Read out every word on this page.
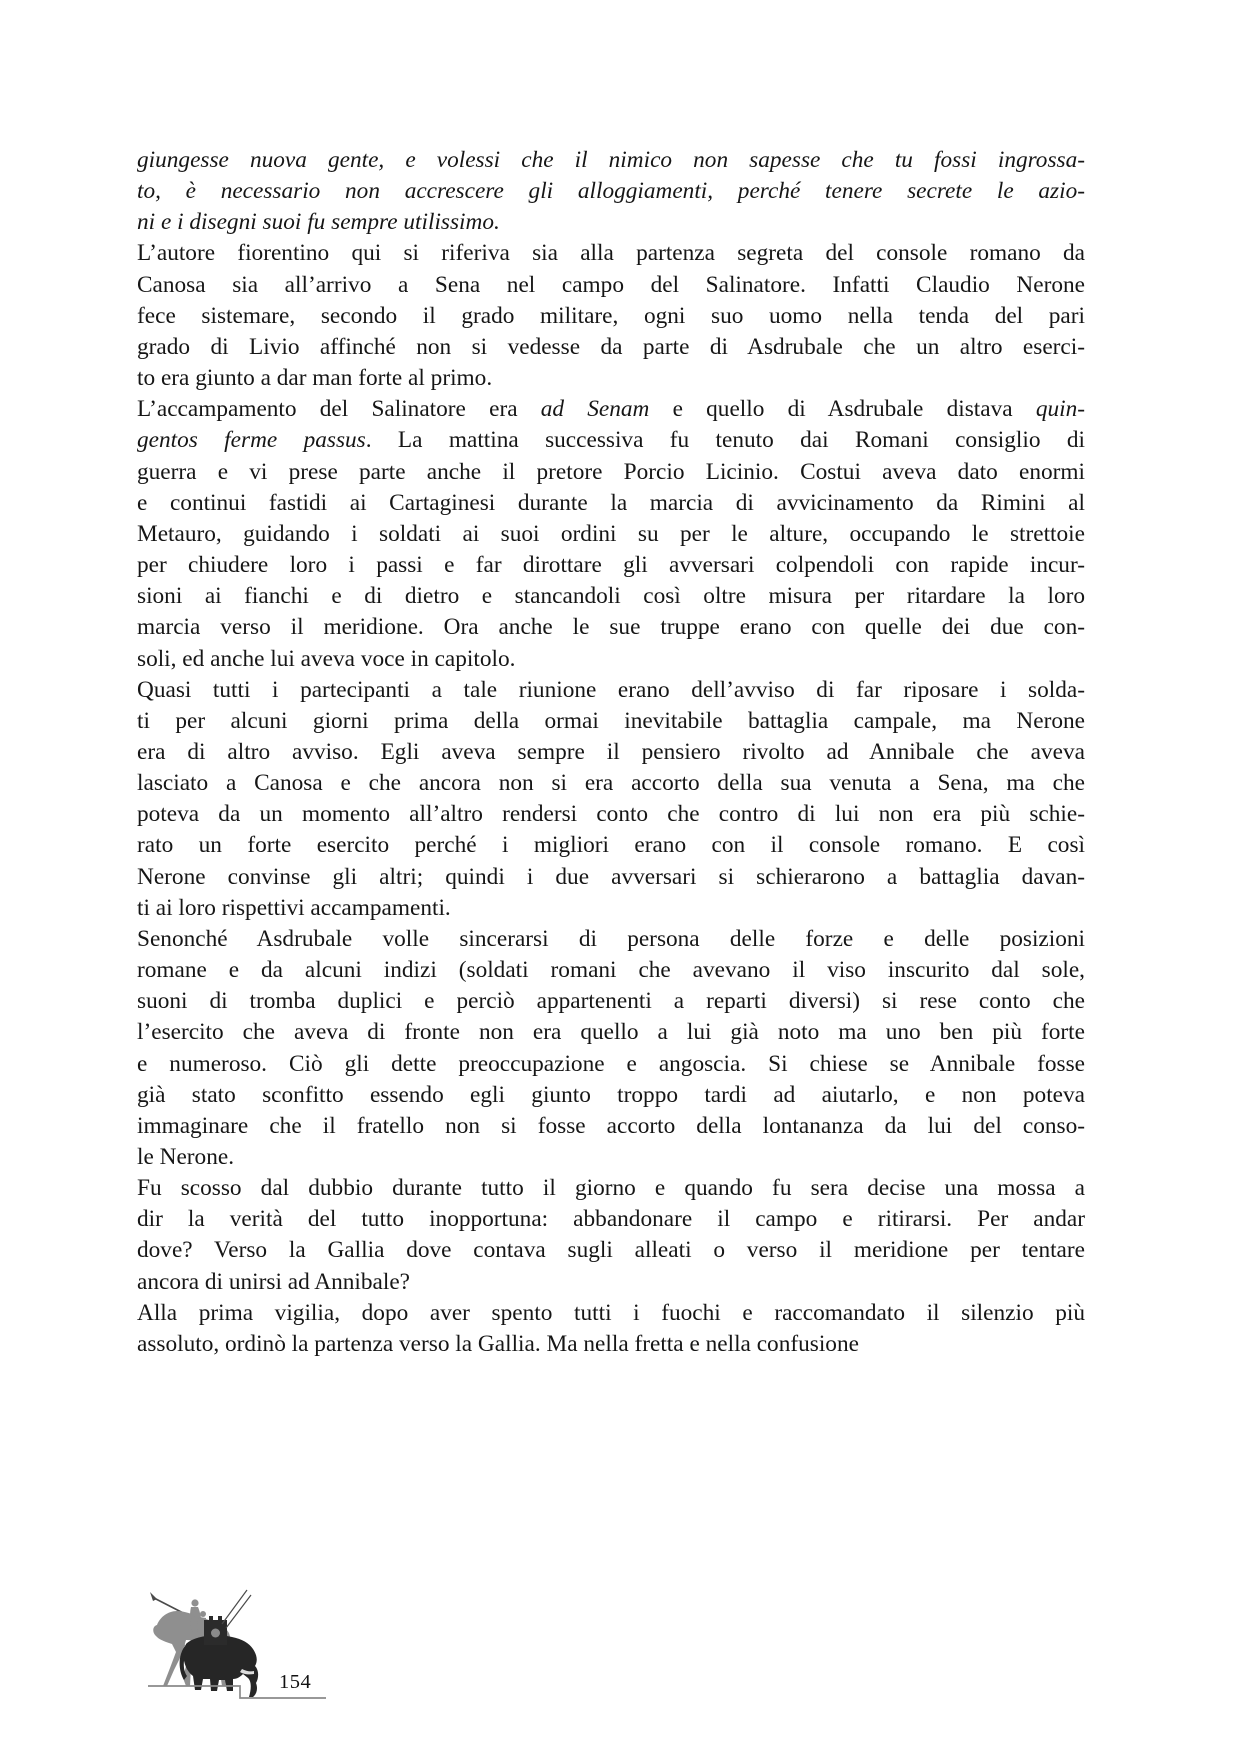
giungesse nuova gente, e volessi che il nimico non sapesse che tu fossi ingrossa-
to, è necessario non accrescere gli alloggiamenti, perché tenere secrete le azio-
ni e i disegni suoi fu sempre utilissimo.
L’autore fiorentino qui si riferiva sia alla partenza segreta del console romano da
Canosa sia all’arrivo a Sena nel campo del Salinatore. Infatti Claudio Nerone
fece sistemare, secondo il grado militare, ogni suo uomo nella tenda del pari
grado di Livio affinché non si vedesse da parte di Asdrubale che un altro eserci-
to era giunto a dar man forte al primo.
L’accampamento del Salinatore era ad Senam e quello di Asdrubale distava quin-
gentos ferme passus. La mattina successiva fu tenuto dai Romani consiglio di
guerra e vi prese parte anche il pretore Porcio Licinio. Costui aveva dato enormi
e continui fastidi ai Cartaginesi durante la marcia di avvicinamento da Rimini al
Metauro, guidando i soldati ai suoi ordini su per le alture, occupando le strettoie
per chiudere loro i passi e far dirottare gli avversari colpendoli con rapide incur-
sioni ai fianchi e di dietro e stancandoli così oltre misura per ritardare la loro
marcia verso il meridione. Ora anche le sue truppe erano con quelle dei due con-
soli, ed anche lui aveva voce in capitolo.
Quasi tutti i partecipanti a tale riunione erano dell’avviso di far riposare i solda-
ti per alcuni giorni prima della ormai inevitabile battaglia campale, ma Nerone
era di altro avviso. Egli aveva sempre il pensiero rivolto ad Annibale che aveva
lasciato a Canosa e che ancora non si era accorto della sua venuta a Sena, ma che
poteva da un momento all’altro rendersi conto che contro di lui non era più schie-
rato un forte esercito perché i migliori erano con il console romano. E così
Nerone convinse gli altri; quindi i due avversari si schierarono a battaglia davan-
ti ai loro rispettivi accampamenti.
Senonché Asdrubale volle sincerarsi di persona delle forze e delle posizioni
romane e da alcuni indizi (soldati romani che avevano il viso inscurito dal sole,
suoni di tromba duplici e perciò appartenenti a reparti diversi) si rese conto che
l’esercito che aveva di fronte non era quello a lui già noto ma uno ben più forte
e numeroso. Ciò gli dette preoccupazione e angoscia. Si chiese se Annibale fosse
già stato sconfitto essendo egli giunto troppo tardi ad aiutarlo, e non poteva
immaginare che il fratello non si fosse accorto della lontananza da lui del conso-
le Nerone.
Fu scosso dal dubbio durante tutto il giorno e quando fu sera decise una mossa a
dir la verità del tutto inopportuna: abbandonare il campo e ritirarsi. Per andar
dove? Verso la Gallia dove contava sugli alleati o verso il meridione per tentare
ancora di unirsi ad Annibale?
Alla prima vigilia, dopo aver spento tutti i fuochi e raccomandato il silenzio più
assoluto, ordinò la partenza verso la Gallia. Ma nella fretta e nella confusione
154
